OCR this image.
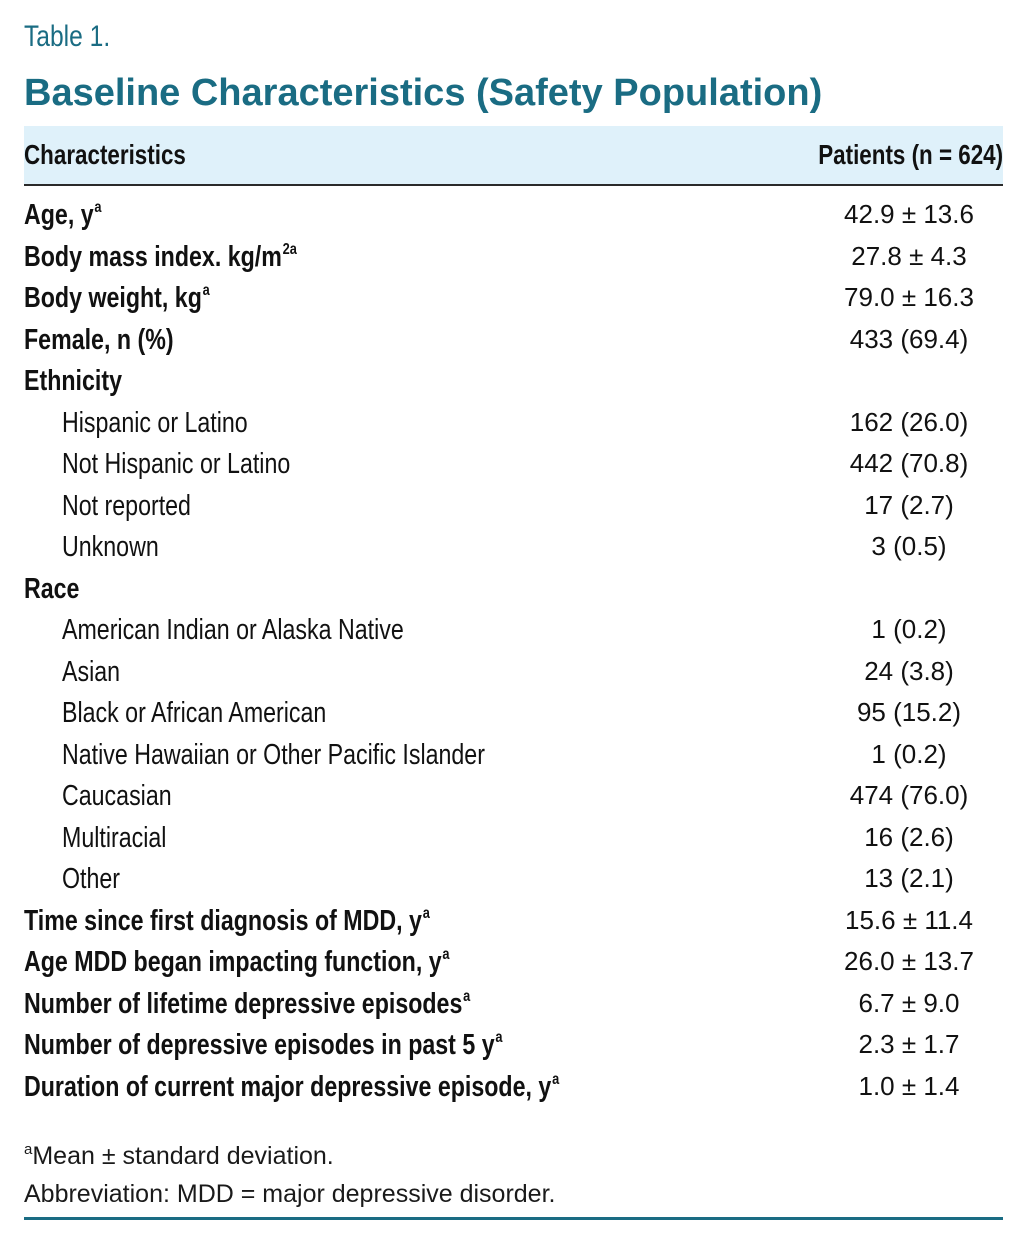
Table 1.
Baseline Characteristics (Safety Population)
Characteristics	Patients (n = 624)
Age, $y^a$	42.9 ± 13.6
Body mass index. $kg/m^{2a}$	27.8 ± 4.3
Body weight, $kg^a$	79.0 ± 16.3
Female, n (%)	433 (69.4)
Ethnicity
Hispanic or Latino	162 (26.0)
Not Hispanic or Latino	442 (70.8)
Not reported	17 (2.7)
Unknown	3 (0.5)
Race
American Indian or Alaska Native	1 (0.2)
Asian	24 (3.8)
Black or African American	95 (15.2)
Native Hawaiian or Other Pacific Islander	1 (0.2)
Caucasian	474 (76.0)
Multiracial	16 (2.6)
Other	13 (2.1)
Time since first diagnosis of MDD, $y^a$	15.6 ± 11.4
Age MDD began impacting function, $y^a$	26.0 ± 13.7
Number of lifetime depressive episodes$^a$	6.7 ± 9.0
Number of depressive episodes in past 5 $y^a$	2.3 ± 1.7
Duration of current major depressive episode, $y^a$	1.0 ± 1.4
$^a$Mean ± standard deviation.
Abbreviation: MDD = major depressive disorder.
